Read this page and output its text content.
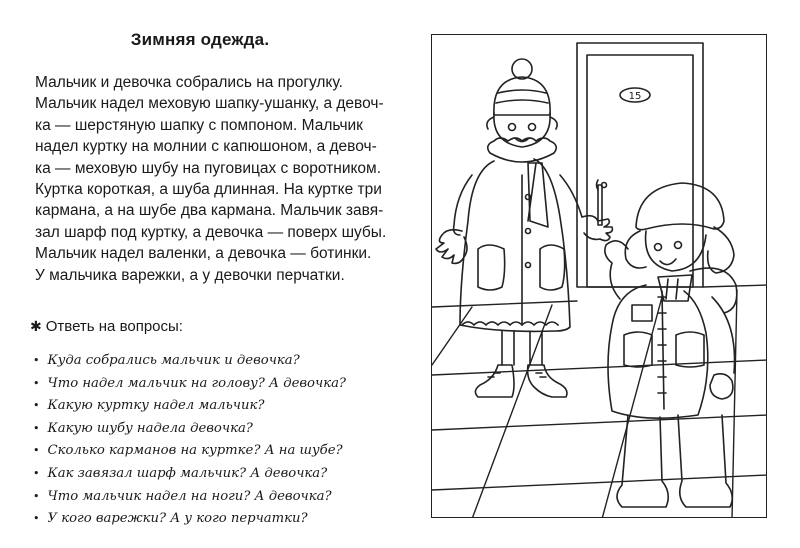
Зимняя одежда.
Мальчик и девочка собрались на прогулку.
Мальчик надел меховую шапку-ушанку, а девоч-
ка — шерстяную шапку с помпоном. Мальчик
надел куртку на молнии с капюшоном, а девоч-
ка — меховую шубу на пуговицах с воротником.
Куртка короткая, а шуба длинная. На куртке три
кармана, а на шубе два кармана. Мальчик завя-
зал шарф под куртку, а девочка — поверх шубы.
Мальчик надел валенки, а девочка — ботинки.
У мальчика варежки, а у девочки перчатки.
✱ Ответь на вопросы:
• Куда собрались мальчик и девочка?
• Что надел мальчик на голову? А девочка?
• Какую куртку надел мальчик?
• Какую шубу надела девочка?
• Сколько карманов на куртке? А на шубе?
• Как завязал шарф мальчик? А девочка?
• Что мальчик надел на ноги? А девочка?
• У кого варежки? А у кого перчатки?
15
